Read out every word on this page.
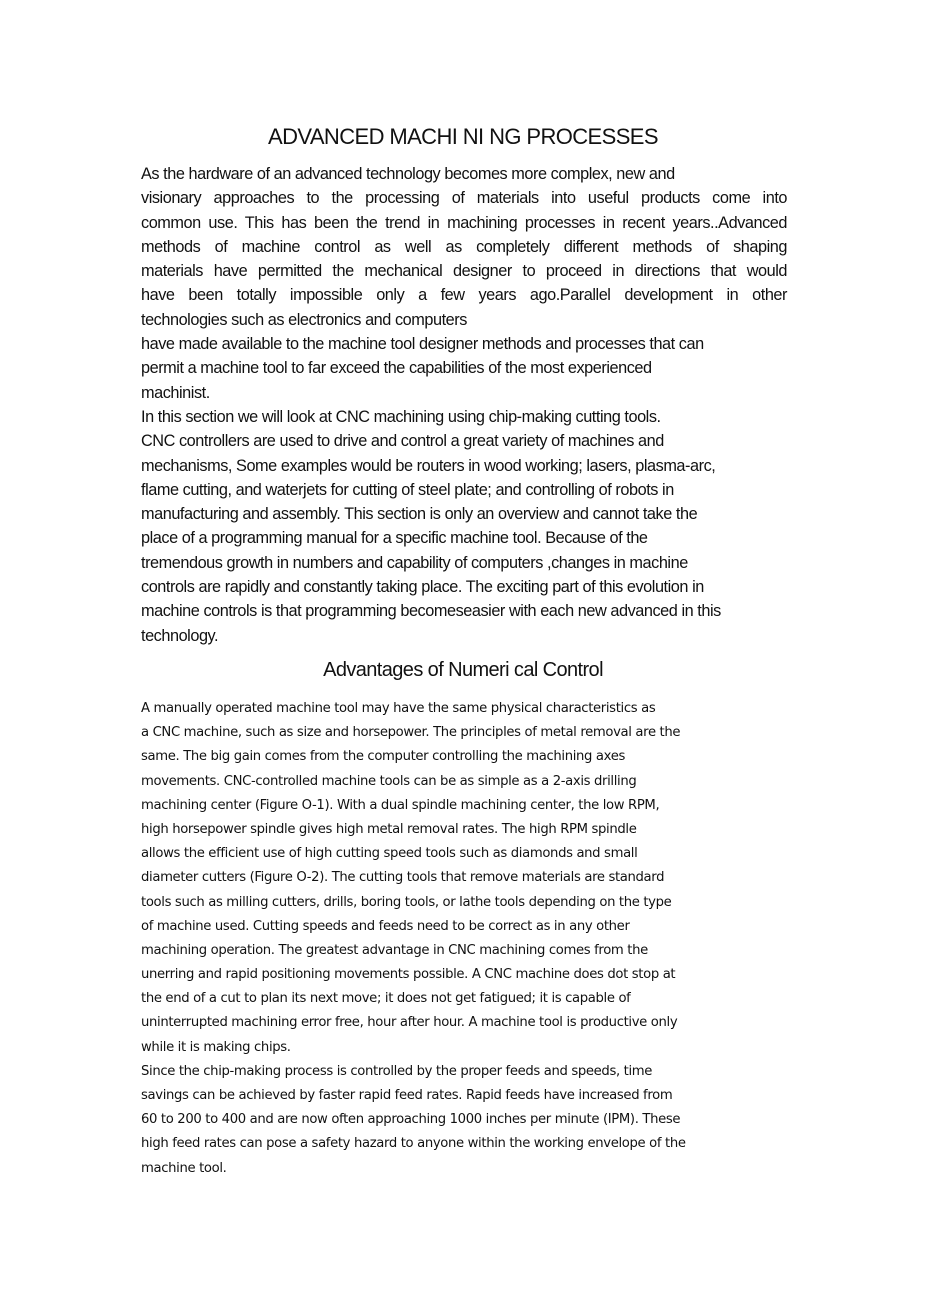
ADVANCED MACHI NI NG PROCESSES
As the hardware of an advanced technology becomes more complex, new and
visionary approaches to the processing of materials into useful products come into
common use. This has been the trend in machining processes in recent years..Advanced
methods of machine control as well as completely different methods of shaping
materials have permitted the mechanical designer to proceed in directions that would
have been totally impossible only a few years ago.Parallel development in other
technologies such as electronics and computers
have made available to the machine tool designer methods and processes that can
permit a machine tool to far exceed the capabilities of the most experienced
machinist.
In this section we will look at CNC machining using chip-making cutting tools.
CNC controllers are used to drive and control a great variety of machines and
mechanisms, Some examples would be routers in wood working; lasers, plasma-arc,
flame cutting, and waterjets for cutting of steel plate; and controlling of robots in
manufacturing and assembly. This section is only an overview and cannot take the
place of a programming manual for a specific machine tool. Because of the
tremendous growth in numbers and capability of computers ,changes in machine
controls are rapidly and constantly taking place. The exciting part of this evolution in
machine controls is that programming becomeseasier with each new advanced in this
technology.
Advantages of Numeri cal Control
A manually operated machine tool may have the same physical characteristics as
a CNC machine, such as size and horsepower. The principles of metal removal are the
same. The big gain comes from the computer controlling the machining axes
movements. CNC-controlled machine tools can be as simple as a 2-axis drilling
machining center (Figure O-1). With a dual spindle machining center, the low RPM,
high horsepower spindle gives high metal removal rates. The high RPM spindle
allows the efficient use of high cutting speed tools such as diamonds and small
diameter cutters (Figure O-2). The cutting tools that remove materials are standard
tools such as milling cutters, drills, boring tools, or lathe tools depending on the type
of machine used. Cutting speeds and feeds need to be correct as in any other
machining operation. The greatest advantage in CNC machining comes from the
unerring and rapid positioning movements possible. A CNC machine does dot stop at
the end of a cut to plan its next move; it does not get fatigued; it is capable of
uninterrupted machining error free, hour after hour. A machine tool is productive only
while it is making chips.
Since the chip-making process is controlled by the proper feeds and speeds, time
savings can be achieved by faster rapid feed rates. Rapid feeds have increased from
60 to 200 to 400 and are now often approaching 1000 inches per minute (IPM). These
high feed rates can pose a safety hazard to anyone within the working envelope of the
machine tool.
